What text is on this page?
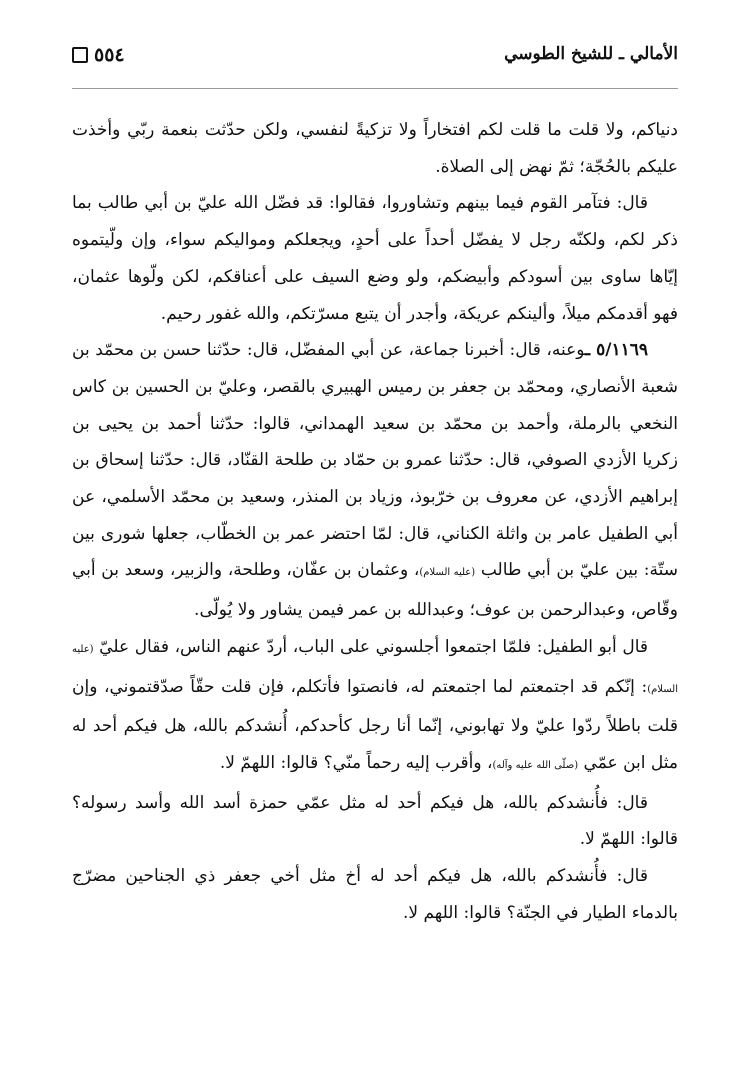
٥٥٤	الأمالي ـ للشيخ الطوسي

دنياكم، ولا قلت ما قلت لكم افتخاراً ولا تزكيةً لنفسي، ولكن حدّثت بنعمة ربّي وأخذت عليكم بالحُجّة؛ ثمّ نهض إلى الصلاة.

قال: فتآمر القوم فيما بينهم وتشاوروا، فقالوا: قد فضّل الله عليّ بن أبي طالب بما ذكر لكم، ولكنّه رجل لا يفضّل أحداً على أحدٍ، ويجعلكم ومواليكم سواء، وإن ولّيتموه إيّاها ساوى بين أسودكم وأبيضكم، ولو وضع السيف على أعناقكم، لكن ولّوها عثمان، فهو أقدمكم ميلاً، وألينكم عريكة، وأجدر أن يتبع مسرّتكم، والله غفور رحيم.

٥/١١٦٩ ـوعنه، قال: أخبرنا جماعة، عن أبي المفضّل، قال: حدّثنا حسن بن محمّد بن شعبة الأنصاري، ومحمّد بن جعفر بن رميس الهبيري بالقصر، وعليّ بن الحسين بن كاس النخعي بالرملة، وأحمد بن محمّد بن سعيد الهمداني، قالوا: حدّثنا أحمد بن يحيى بن زكريا الأزدي الصوفي، قال: حدّثنا عمرو بن حمّاد بن طلحة القنّاد، قال: حدّثنا إسحاق بن إبراهيم الأزدي، عن معروف بن خرّبوذ، وزياد بن المنذر، وسعيد بن محمّد الأسلمي، عن أبي الطفيل عامر بن واثلة الكناني، قال: لمّا احتضر عمر بن الخطّاب، جعلها شورى بين ستّة: بين عليّ بن أبي طالب (عليه السلام)، وعثمان بن عفّان، وطلحة، والزبير، وسعد بن أبي وقّاص، وعبدالرحمن بن عوف؛ وعبدالله بن عمر فيمن يشاور ولا يُولّى.

قال أبو الطفيل: فلمّا اجتمعوا أجلسوني على الباب، أردّ عنهم الناس، فقال عليّ (عليه السلام): إنّكم قد اجتمعتم لما اجتمعتم له، فانصتوا فأتكلم، فإن قلت حقّاً صدّقتموني، وإن قلت باطلاً ردّوا عليّ ولا تهابوني، إنّما أنا رجل كأحدكم، أُنشدكم بالله، هل فيكم أحد له مثل ابن عمّي (صلّى الله عليه وآله)، وأقرب إليه رحماً منّي؟ قالوا: اللهمّ لا.

قال: فأُنشدكم بالله، هل فيكم أحد له مثل عمّي حمزة أسد الله وأسد رسوله؟ قالوا: اللهمّ لا.

قال: فأُنشدكم بالله، هل فيكم أحد له أخ مثل أخي جعفر ذي الجناحين مضرّج بالدماء الطيار في الجنّة؟ قالوا: اللهم لا.
